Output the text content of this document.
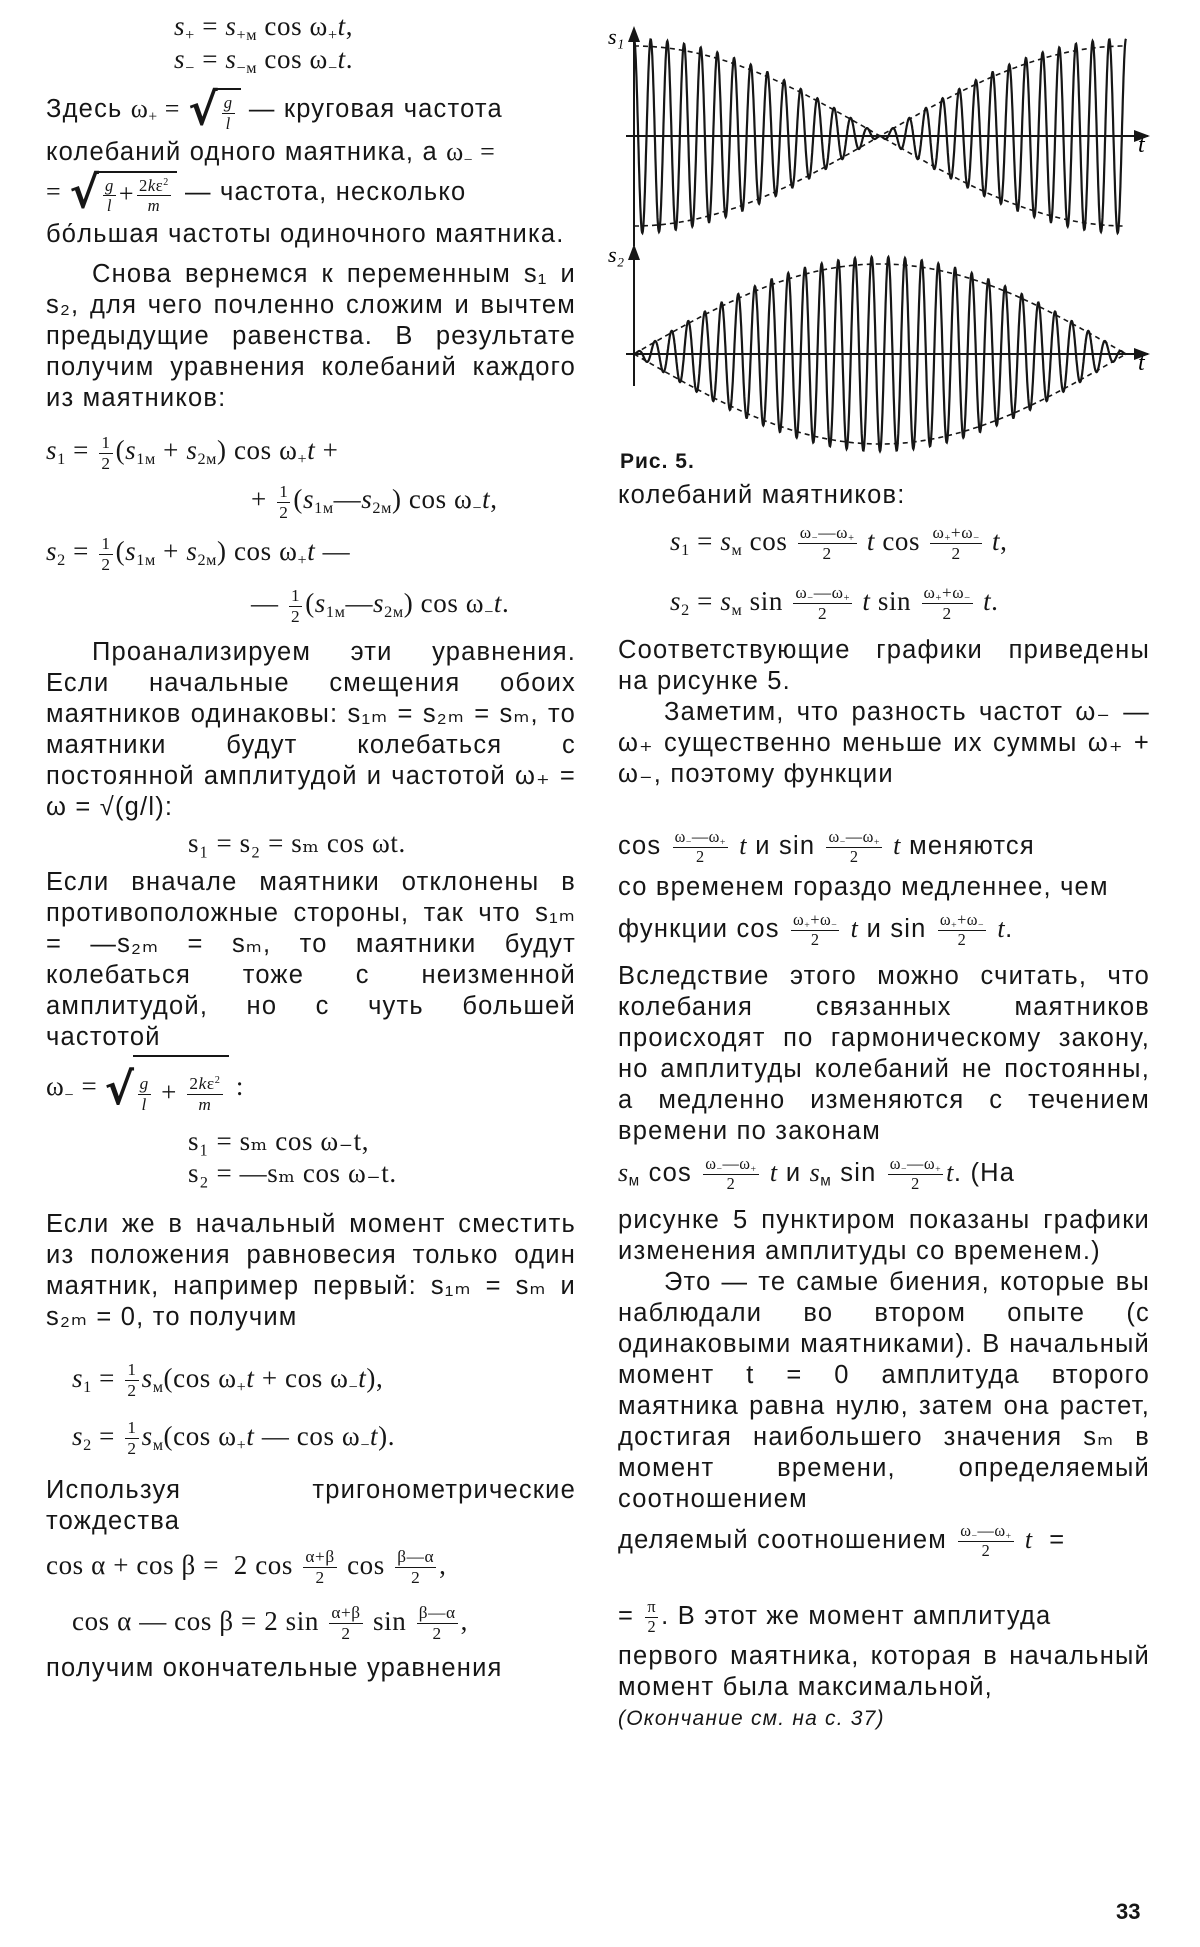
$s_+ = s_{+м}$ $\cos \omega_+t$,
$s_- = s_{-м}$ $\cos \omega_-t$.
Здесь $\omega_+$ = √ $\frac{g}{l}$ — круговая частота колебаний одного маятника, а $\omega_-$ =
= √ $\frac{g}{l} + \frac{2k\varepsilon^2}{m}$ — частота, несколько бо́льшая частоты одиночного маятника.

Снова вернемся к переменным s₁ и s₂, для чего почленно сложим и вычтем предыдущие равенства. В результате получим уравнения колебаний каждого из маятников:

$s_1 = \frac{1}{2} (s_{1м} + s_{2м})$ $\cos \omega_+t$ +
+ $\frac{1}{2}$ $(s_{1м}—s_{2м})$ $\cos \omega_-t$,
$s_2 = \frac{1}{2} (s_{1м} + s_{2м})$ $\cos \omega_+t$ —
— $\frac{1}{2}$ $(s_{1м}—s_{2м})$ $\cos \omega_-t$.

Проанализируем эти уравнения. Если начальные смещения обоих маятников одинаковы: s₁ₘ = s₂ₘ = sₘ, то маятники будут колебаться с постоянной амплитудой и частотой ω₊ = ω = √(g/l):

s₁ = s₂ = sₘ cos ωt.

Если вначале маятники отклонены в противоположные стороны, так что s₁ₘ = —s₂ₘ = sₘ, то маятники будут колебаться тоже с неизменной амплитудой, но с чуть большей частотой

$\omega_-$ = √ $\frac{g}{l} + \frac{2k\varepsilon^2}{m}$ :
s₁ = sₘ cos ω₋t,
s₂ = —sₘ cos ω₋t.

Если же в начальный момент сместить из положения равновесия только один маятник, например первый: s₁ₘ = sₘ и s₂ₘ = 0, то получим

$s_1 = \frac{1}{2} s_м(\cos$ $\omega_+t + \cos \omega_-t$),
$s_2 = \frac{1}{2} s_м(\cos$ $\omega_+t$ — $\cos \omega_-t$).

Используя тригонометрические тождества

cos α + cos β =  2 $\cos \frac{\alpha+\beta}{2}$ $\cos \frac{\beta—\alpha}{2}$ ,
cos α — cos β = 2 $\sin \frac{\alpha+\beta}{2}$ $\sin \frac{\beta—\alpha}{2}$ ,

получим окончательные уравнения

s₁
t
s₂
t
Рис. 5.

колебаний маятников:

$s_1 = s_м$ $\cos \frac{\omega_-—\omega_+}{2}$ t $\cos \frac{\omega_++\omega_-}{2} t$,
$s_2 = s_м$ $\sin \frac{\omega_-—\omega_+}{2}$ t $\sin \frac{\omega_++\omega_-}{2} t$.

Соответствующие графики приведены на рисунке 5.

Заметим, что разность частот ω₋ — ω₊ существенно меньше их суммы ω₊ + ω₋, поэтому функции

$\cos \frac{\omega_-—\omega_+}{2}$ t и $\sin \frac{\omega_-—\omega_+}{2}$ t меняются

со временем гораздо медленнее, чем

функции $\cos \frac{\omega_++\omega_-}{2}$ t и $\sin \frac{\omega_++\omega_-}{2} t$.

Вследствие этого можно считать, что колебания связанных маятников происходят по гармоническому закону, но амплитуды колебаний не постоянны, а медленно изменяются с течением времени по законам

$s_м$ $\cos \frac{\omega_-—\omega_+}{2}$ t и $s_м$ $\sin \frac{\omega_-—\omega_+}{2} t$. (На

рисунке 5 пунктиром показаны графики изменения амплитуды со временем.)

Это — те самые биения, которые вы наблюдали во втором опыте (с одинаковыми маятниками). В начальный момент t = 0 амплитуда второго маятника равна нулю, затем она растет, достигая наибольшего значения sₘ в момент времени, определяемый соотношением

деляемый соотношением $\frac{\omega_-—\omega_+}{2}$ t  =
= $\frac{\pi}{2}$ . В этот же момент амплитуда

первого маятника, которая в начальный момент была максимальной,

(Окончание см. на с. 37)
33
